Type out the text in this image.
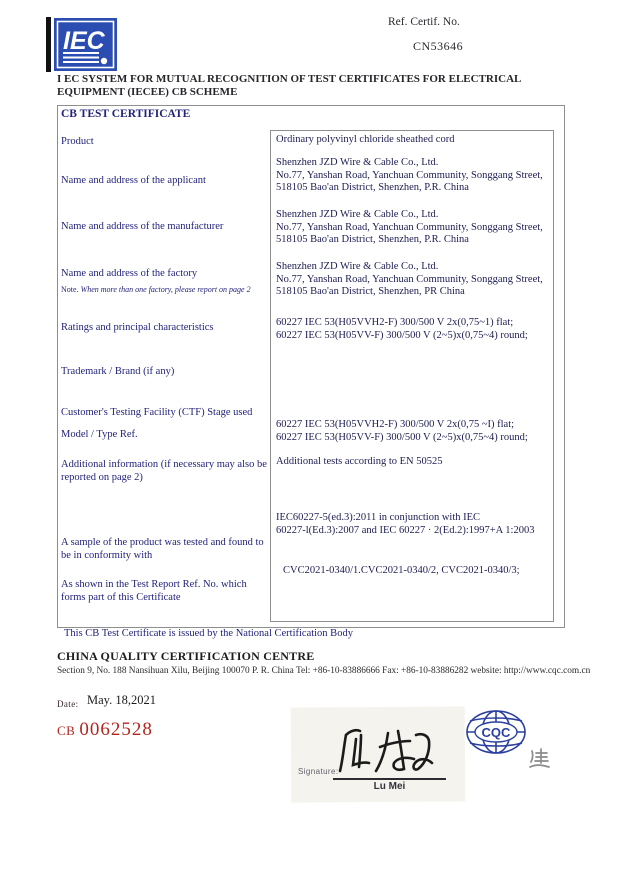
IEC
Ref. Certif. No.
CN53646
I EC SYSTEM FOR MUTUAL RECOGNITION OF TEST CERTIFICATES FOR ELECTRICAL EQUIPMENT (IECEE) CB SCHEME
CB TEST CERTIFICATE
Product
Name and address of the applicant
Name and address of the manufacturer
Name and address of the factory
Note. When more than one factory, please report on page 2
Ratings and principal characteristics
Trademark / Brand (if any)
Customer's Testing Facility (CTF) Stage used
Model / Type Ref.
Additional information (if necessary may also be reported on page 2)
A sample of the product was tested and found to be in conformity with
As shown in the Test Report Ref. No. which forms part of this Certificate
Ordinary polyvinyl chloride sheathed cord
Shenzhen JZD Wire & Cable Co., Ltd.
No.77, Yanshan Road, Yanchuan Community, Songgang Street,
518105 Bao'an District, Shenzhen, P.R. China
Shenzhen JZD Wire & Cable Co., Ltd.
No.77, Yanshan Road, Yanchuan Community, Songgang Street,
518105 Bao'an District, Shenzhen, P.R. China
Shenzhen JZD Wire & Cable Co., Ltd.
No.77, Yanshan Road, Yanchuan Community, Songgang Street,
518105 Bao'an District, Shenzhen, PR China
60227 IEC 53(H05VVH2-F) 300/500 V 2x(0,75~1) flat;
60227 IEC 53(H05VV-F) 300/500 V (2~5)x(0,75~4) round;
60227 IEC 53(H05VVH2-F) 300/500 V 2x(0,75 ~I) flat;
60227 IEC 53(H05VV-F) 300/500 V (2~5)x(0,75~4) round;
Additional tests according to EN 50525
IEC60227-5(ed.3):2011 in conjunction with IEC
60227-l(Ed.3):2007 and IEC 60227 · 2(Ed.2):1997+A 1:2003
CVC2021-0340/1.CVC2021-0340/2, CVC2021-0340/3;
This CB Test Certificate is issued by the National Certification Body
CHINA QUALITY CERTIFICATION CENTRE
Section 9, No. 188 Nansihuan Xilu, Beijing 100070 P. R. China Tel: +86-10-83886666 Fax: +86-10-83886282 website: http://www.cqc.com.cn
Date: May. 18,2021
CB 0062528
Signature:
Lu Mei
CQC
